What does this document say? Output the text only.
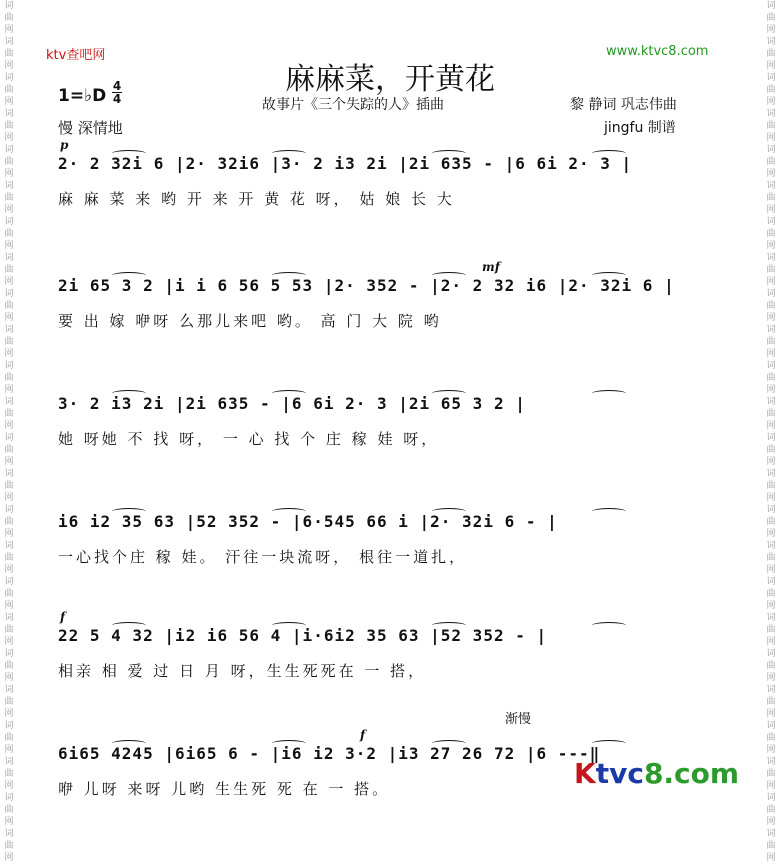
词曲网词曲网词曲网词曲网词曲网词曲网词曲网词曲网词曲网词曲网词曲网词曲网词曲网词曲网词曲网词曲网词曲网词曲网词曲网词曲网词曲网词曲网词曲网词曲网
词曲网词曲网词曲网词曲网词曲网词曲网词曲网词曲网词曲网词曲网词曲网词曲网词曲网词曲网词曲网词曲网词曲网词曲网词曲网词曲网词曲网词曲网词曲网词曲网
ktv查吧网	www.ktvc8.com
麻麻菜，开黄花
故事片《三个失踪的人》插曲	黎 静词 巩志伟曲
jingfu 制谱
1=♭D 4
4
慢 深情地
p
2· 2 32i 6 |2· 32i6 |3· 2 i3 2i |2i 635 - |6 6i 2· 3 |
麻 麻 菜 来 哟 开 来 开 黄 花 呀， 姑 娘 长 大
mf
2i 65 3 2 |i i 6 56 5 53 |2· 352 - |2· 2 32 i6 |2· 32i 6 |
要 出 嫁 咿呀 么那儿来吧 哟。 高 门 大 院 哟
3· 2 i3 2i |2i 635 - |6 6i 2· 3 |2i 65 3 2 |
她 呀她 不 找 呀， 一 心 找 个 庄 稼 娃 呀，
i6 i2 35 63 |52 352 - |6·545 66 i |2· 32i 6 - |
一心找个庄 稼 娃。 汗往一块流呀， 根往一道扎，
f
22 5 4 32 |i2 i6 56 4 |i·6i2 35 63 |52 352 - |
相亲 相 爱 过 日 月 呀，生生死死在 一 搭，
f
渐慢
6i65 4245 |6i65 6 - |i6 i2 3·2 |i3 27 26 72 |6 ---‖
咿 儿呀 来呀 儿哟 生生死 死 在 一 搭。	Ktvc8.com
